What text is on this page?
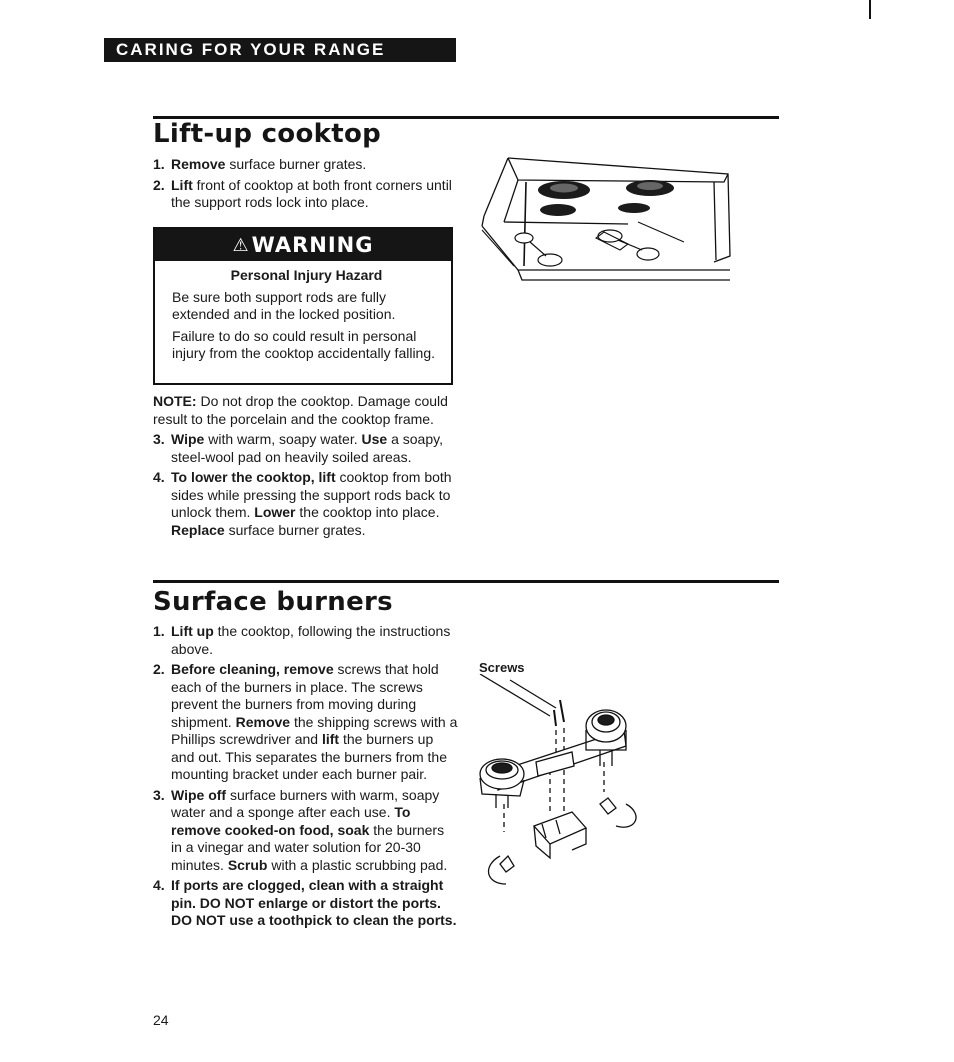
CARING FOR YOUR RANGE
Lift-up cooktop
1. Remove surface burner grates.
2. Lift front of cooktop at both front corners until the support rods lock into place.
⚠ WARNING
Personal Injury Hazard

Be sure both support rods are fully extended and in the locked position.

Failure to do so could result in personal injury from the cooktop accidentally falling.

NOTE: Do not drop the cooktop. Damage could result to the porcelain and the cooktop frame.

3. Wipe with warm, soapy water. Use a soapy, steel-wool pad on heavily soiled areas.
4. To lower the cooktop, lift cooktop from both sides while pressing the support rods back to unlock them. Lower the cooktop into place. Replace surface burner grates.
Surface burners
1. Lift up the cooktop, following the instructions above.
2. Before cleaning, remove screws that hold each of the burners in place. The screws prevent the burners from moving during shipment. Remove the shipping screws with a Phillips screwdriver and lift the burners up and out. This separates the burners from the mounting bracket under each burner pair.
3. Wipe off surface burners with warm, soapy water and a sponge after each use. To remove cooked-on food, soak the burners in a vinegar and water solution for 20-30 minutes. Scrub with a plastic scrubbing pad.
4. If ports are clogged, clean with a straight pin. DO NOT enlarge or distort the ports. DO NOT use a toothpick to clean the ports.
Screws
24
